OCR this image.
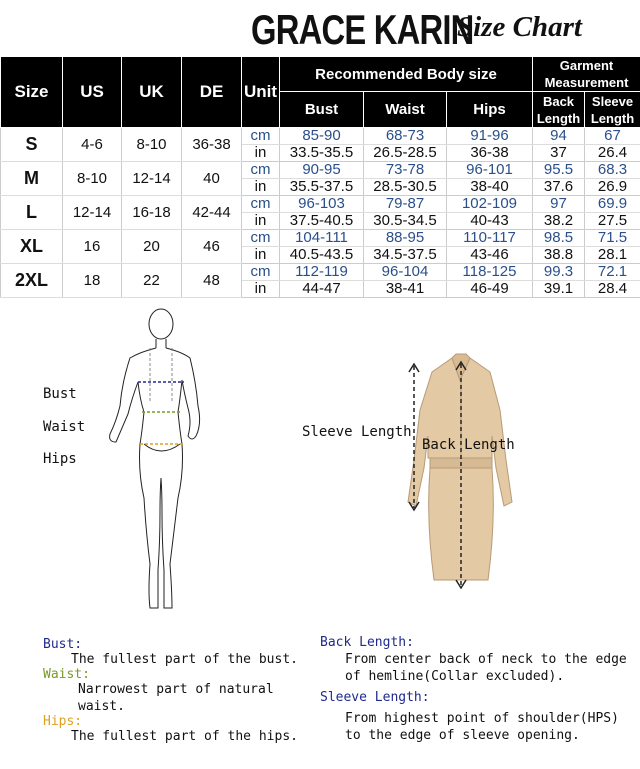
GRACE KARIN
Size Chart
Size	US	UK	DE	Unit	Recommended Body size			Garment Measurement	
					Bust	Waist	Hips	Back Length	Sleeve Length
S	4-6	8-10	36-38	cm	85-90	68-73	91-96	94	67
				in	33.5-35.5	26.5-28.5	36-38	37	26.4
M	8-10	12-14	40	cm	90-95	73-78	96-101	95.5	68.3
				in	35.5-37.5	28.5-30.5	38-40	37.6	26.9
L	12-14	16-18	42-44	cm	96-103	79-87	102-109	97	69.9
				in	37.5-40.5	30.5-34.5	40-43	38.2	27.5
XL	16	20	46	cm	104-111	88-95	110-117	98.5	71.5
				in	40.5-43.5	34.5-37.5	43-46	38.8	28.1
2XL	18	22	48	cm	112-119	96-104	118-125	99.3	72.1
				in	44-47	38-41	46-49	39.1	28.4
Bust
Waist
Hips
Sleeve Length
Back Length
Bust:
The fullest part of the bust.
Waist:
Narrowest part of natural waist.
Hips:
The fullest part of the hips.
Back Length:
From center back of neck to the edge
of hemline(Collar excluded).
Sleeve Length:
From highest point of shoulder(HPS)
to the edge of sleeve opening.
